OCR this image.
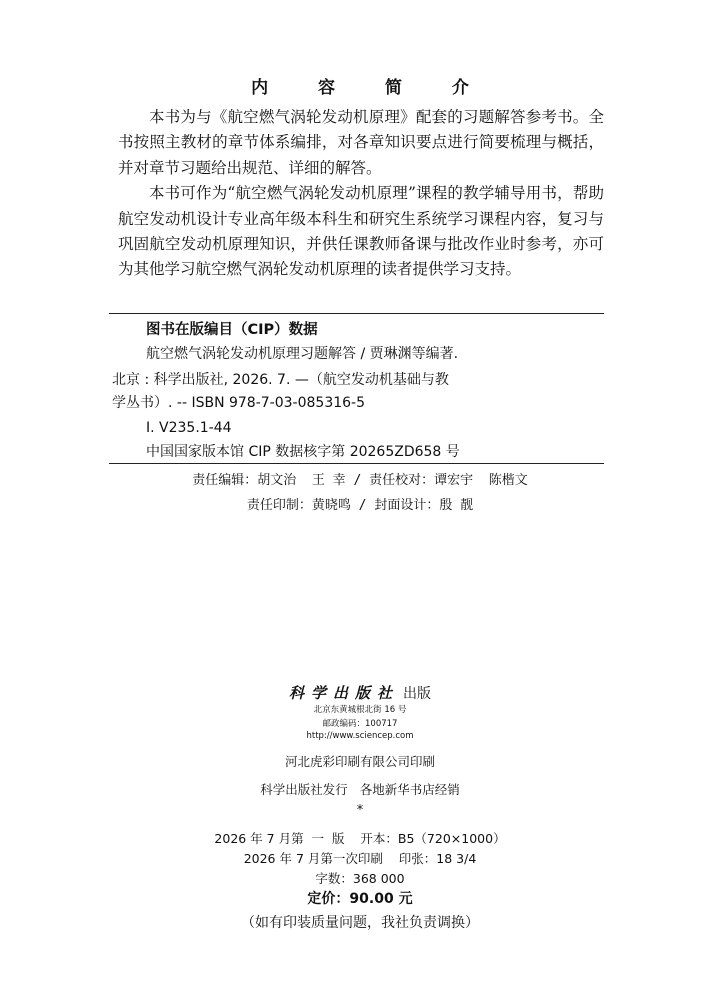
内 容 简 介

本书为与《航空燃气涡轮发动机原理》配套的习题解答参考书。全书按照主教材的章节体系编排，对各章知识要点进行简要梳理与概括，并对章节习题给出规范、详细的解答。

本书可作为“航空燃气涡轮发动机原理”课程的教学辅导用书，帮助航空发动机设计专业高年级本科生和研究生系统学习课程内容，复习与巩固航空发动机原理知识，并供任课教师备课与批改作业时参考，亦可为其他学习航空燃气涡轮发动机原理的读者提供学习支持。

图书在版编目（CIP）数据
航空燃气涡轮发动机原理习题解答 / 贾琳渊等编著.
北京 : 科学出版社, 2026. 7. —（航空发动机基础与教
学丛书）. -- ISBN 978-7-03-085316-5
Ⅰ. V235.1-44
中国国家版本馆 CIP 数据核字第 20265ZD658 号
责任编辑：胡文治  王 幸 / 责任校对：谭宏宇  陈楷文
责任印制：黄晓鸣 / 封面设计：殷 靓
科学出版社 出版
北京东黄城根北街 16 号
邮政编码：100717
http://www.sciencep.com
河北虎彩印刷有限公司印刷
科学出版社发行   各地新华书店经销
*
2026 年 7 月第  一  版    开本：B5（720×1000）
2026 年 7 月第一次印刷    印张：18 3/4
字数：368 000
定价：90.00 元
（如有印装质量问题，我社负责调换）
